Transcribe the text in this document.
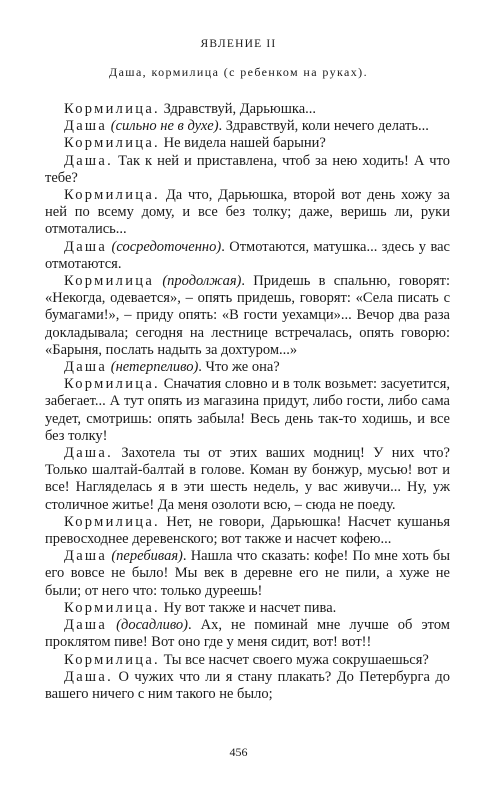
ЯВЛЕНИЕ II
Даша, кормилица (с ребенком на руках).

Кормилица. Здравствуй, Дарьюшка...

Даша (сильно не в духе). Здравствуй, коли нечего делать...

Кормилица. Не видела нашей барыни?

Даша. Так к ней и приставлена, чтоб за нею ходить! А что тебе?

Кормилица. Да что, Дарьюшка, второй вот день хожу за ней по всему дому, и все без толку; даже, веришь ли, руки отмотались...

Даша (сосредоточенно). Отмотаются, матушка... здесь у вас отмотаются.

Кормилица (продолжая). Придешь в спальню, говорят: «Некогда, одевается», – опять придешь, говорят: «Села писать с бумагами!», – приду опять: «В гости уехамци»... Вечор два раза докладывала; сегодня на лестнице встречалась, опять говорю: «Барыня, послать надыть за дохтуром...»

Даша (нетерпеливо). Что же она?

Кормилица. Сначатия словно и в толк возьмет: засуетится, забегает... А тут опять из магазина придут, либо гости, либо сама уедет, смотришь: опять забыла! Весь день так-то ходишь, и все без толку!

Даша. Захотела ты от этих ваших модниц! У них что? Только шалтай-балтай в голове. Коман ву бонжур, мусью! вот и все! Нагляделась я в эти шесть недель, у вас живучи... Ну, уж столичное житье! Да меня озолоти всю, – сюда не поеду.

Кормилица. Нет, не говори, Дарьюшка! Насчет кушанья превосходнее деревенского; вот также и насчет кофею...

Даша (перебивая). Нашла что сказать: кофе! По мне хоть бы его вовсе не было! Мы век в деревне его не пили, а хуже не были; от него что: только дуреешь!

Кормилица. Ну вот также и насчет пива.

Даша (досадливо). Ах, не поминай мне лучше об этом проклятом пиве! Вот оно где у меня сидит, вот! вот!!

Кормилица. Ты все насчет своего мужа сокрушаешься?

Даша. О чужих что ли я стану плакать? До Петербурга до вашего ничего с ним такого не было;

456
